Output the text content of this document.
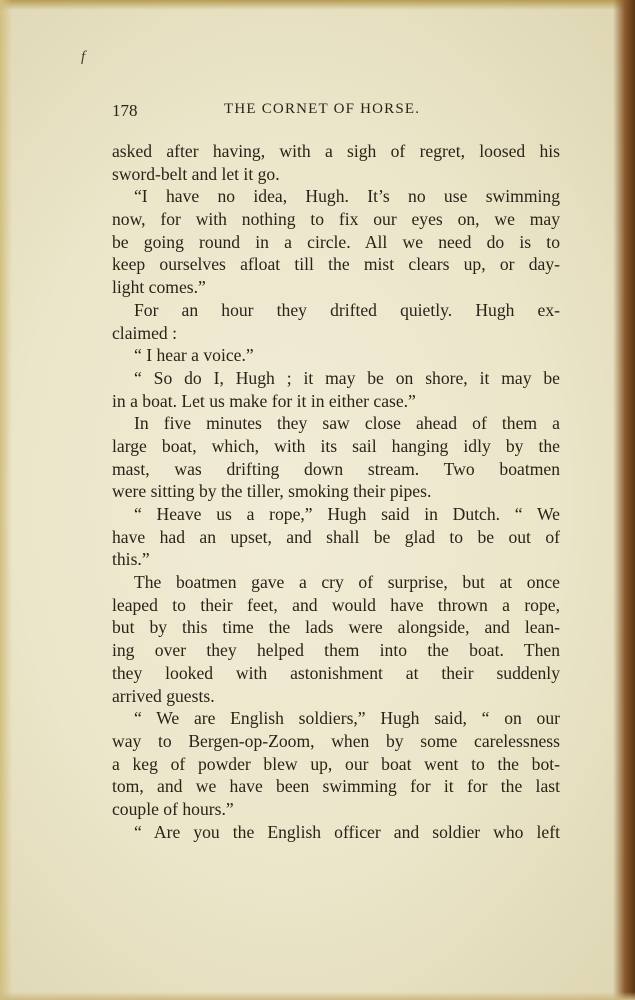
f
178	THE CORNET OF HORSE.
asked after having, with a sigh of regret, loosed his
sword-belt and let it go.
“I have no idea, Hugh. It’s no use swimming
now, for with nothing to fix our eyes on, we may
be going round in a circle. All we need do is to
keep ourselves afloat till the mist clears up, or day-
light comes.”
For an hour they drifted quietly. Hugh ex-
claimed :
“ I hear a voice.”
“ So do I, Hugh ; it may be on shore, it may be
in a boat. Let us make for it in either case.”
In five minutes they saw close ahead of them a
large boat, which, with its sail hanging idly by the
mast, was drifting down stream. Two boatmen
were sitting by the tiller, smoking their pipes.
“ Heave us a rope,” Hugh said in Dutch. “ We
have had an upset, and shall be glad to be out of
this.”
The boatmen gave a cry of surprise, but at once
leaped to their feet, and would have thrown a rope,
but by this time the lads were alongside, and lean-
ing over they helped them into the boat. Then
they looked with astonishment at their suddenly
arrived guests.
“ We are English soldiers,” Hugh said, “ on our
way to Bergen-op-Zoom, when by some carelessness
a keg of powder blew up, our boat went to the bot-
tom, and we have been swimming for it for the last
couple of hours.”
“ Are you the English officer and soldier who left
